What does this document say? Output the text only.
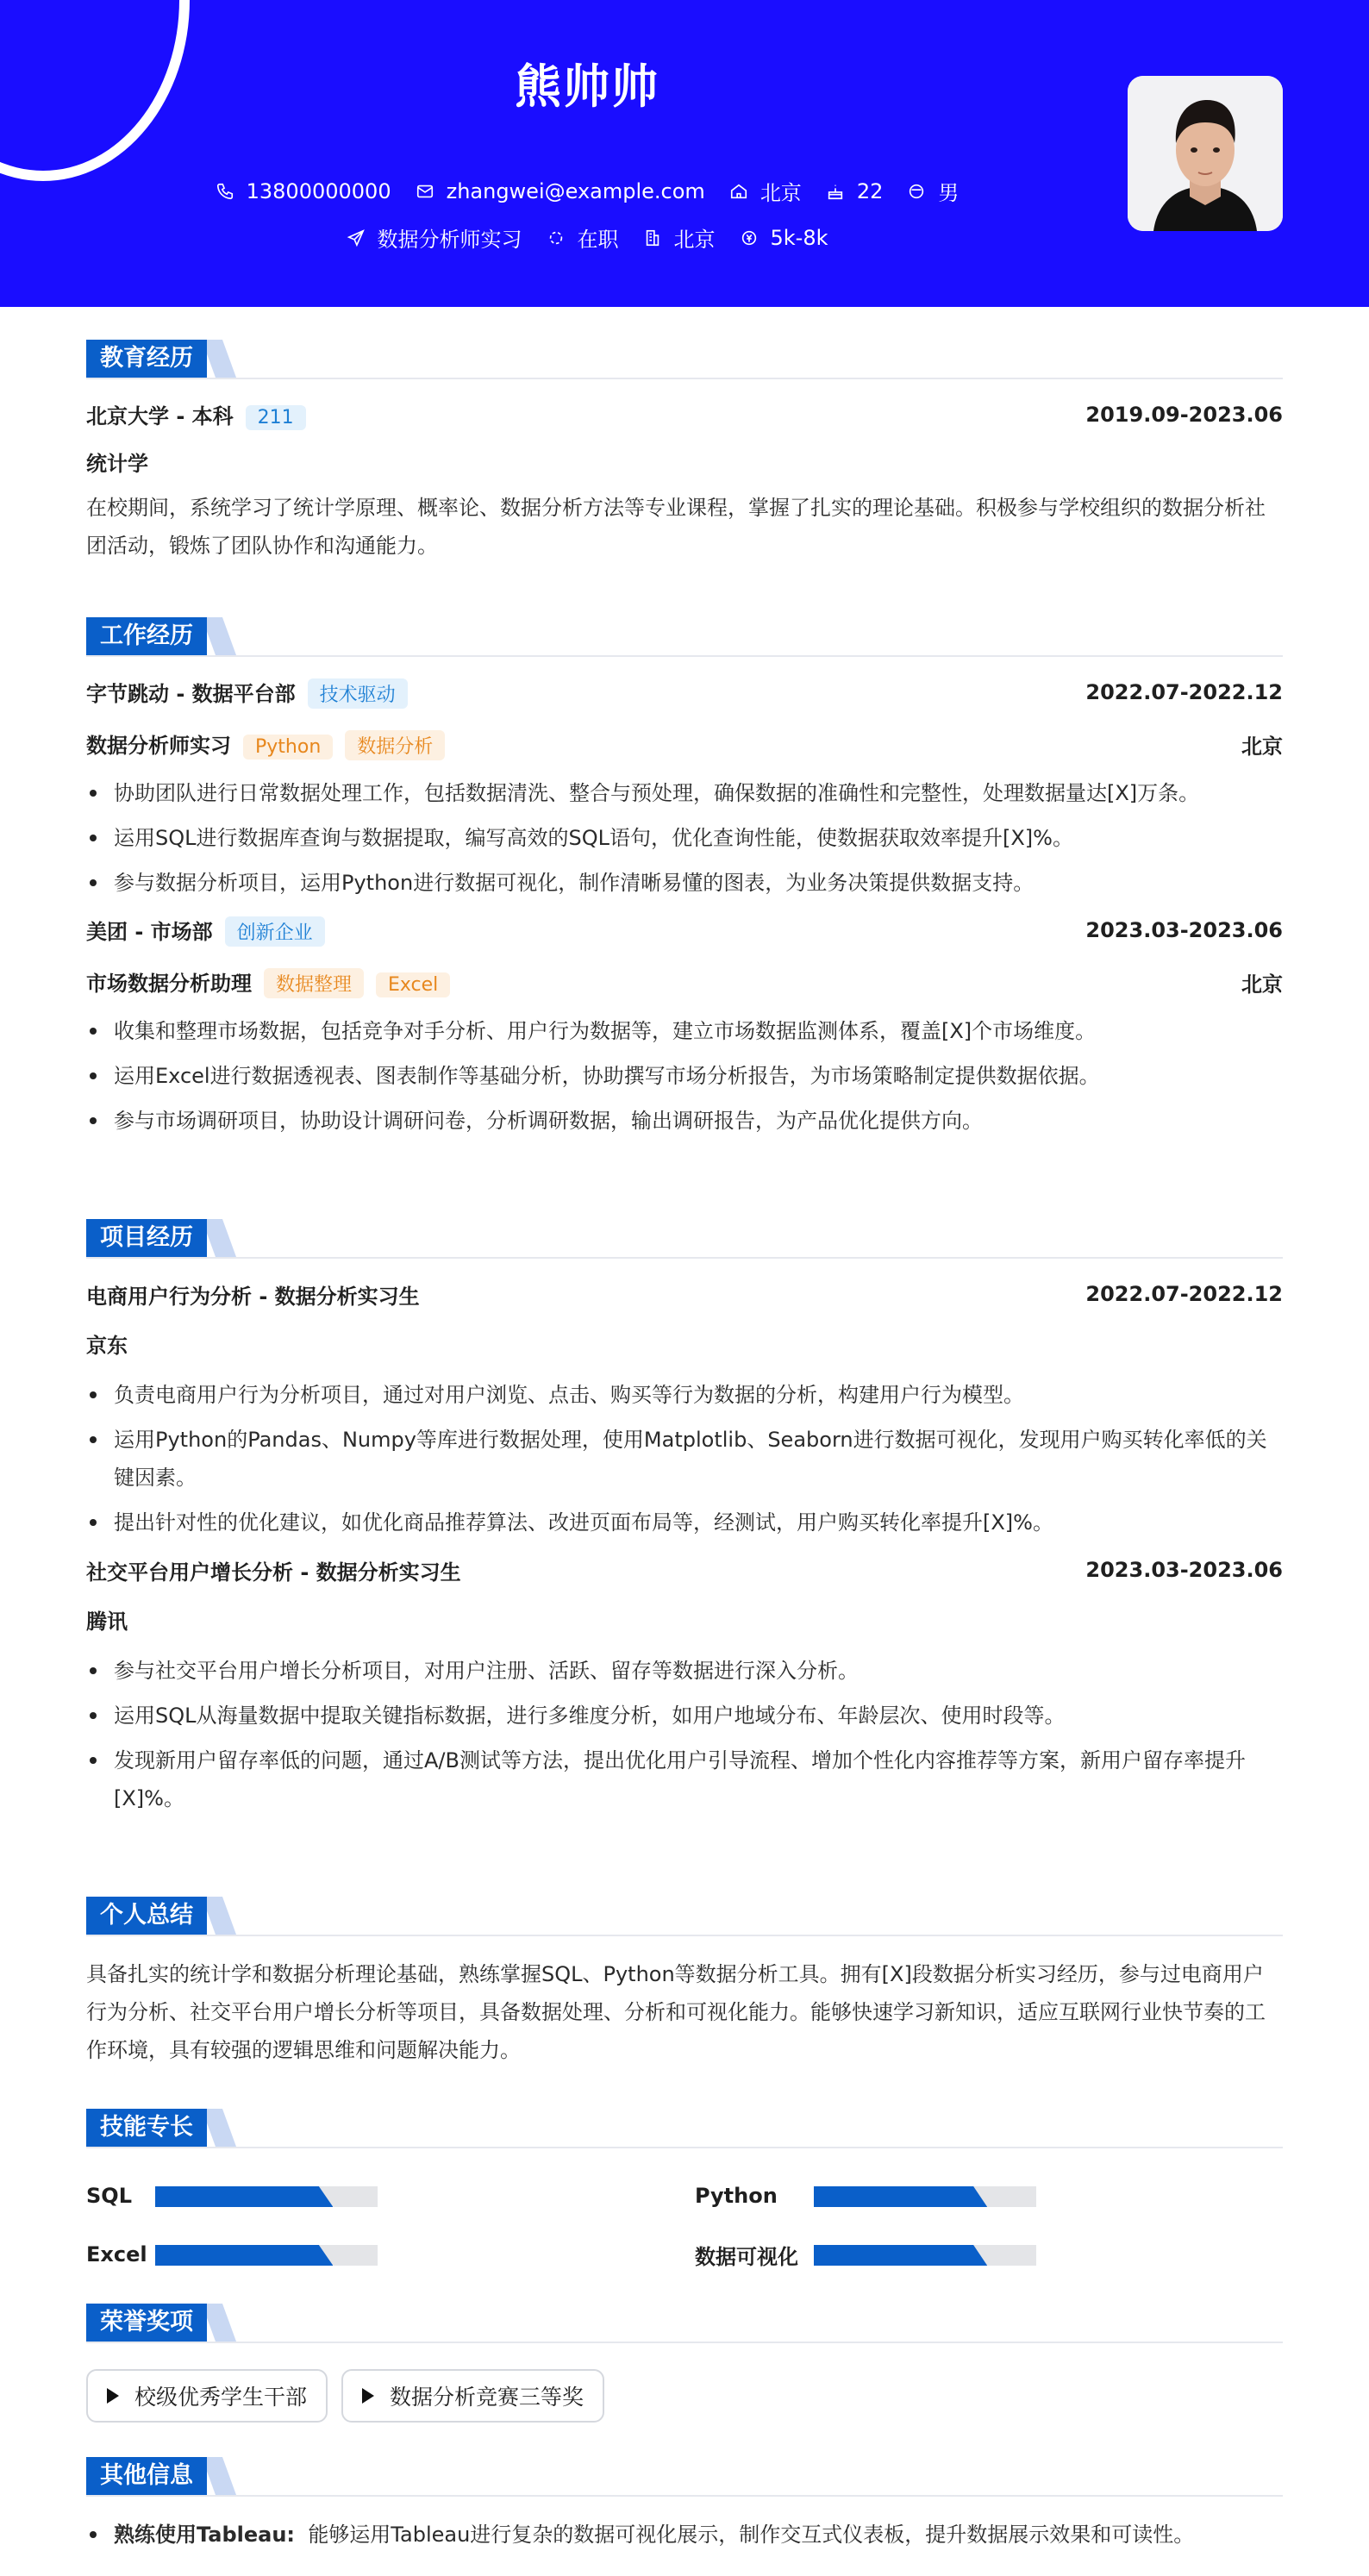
熊帅帅
13800000000	zhangwei@example.com	北京	22	男
数据分析师实习	在职	北京	5k-8k
教育经历
北京大学 - 本科 211	2019.09-2023.06
统计学
在校期间，系统学习了统计学原理、概率论、数据分析方法等专业课程，掌握了扎实的理论基础。积极参与学校组织的数据分析社团活动，锻炼了团队协作和沟通能力。
工作经历
字节跳动 - 数据平台部 技术驱动	2022.07-2022.12
数据分析师实习 Python 数据分析	北京
协助团队进行日常数据处理工作，包括数据清洗、整合与预处理，确保数据的准确性和完整性，处理数据量达[X]万条。
运用SQL进行数据库查询与数据提取，编写高效的SQL语句，优化查询性能，使数据获取效率提升[X]%。
参与数据分析项目，运用Python进行数据可视化，制作清晰易懂的图表，为业务决策提供数据支持。
美团 - 市场部 创新企业	2023.03-2023.06
市场数据分析助理 数据整理 Excel	北京
收集和整理市场数据，包括竞争对手分析、用户行为数据等，建立市场数据监测体系，覆盖[X]个市场维度。
运用Excel进行数据透视表、图表制作等基础分析，协助撰写市场分析报告，为市场策略制定提供数据依据。
参与市场调研项目，协助设计调研问卷，分析调研数据，输出调研报告，为产品优化提供方向。
项目经历
电商用户行为分析 - 数据分析实习生	2022.07-2022.12
京东
负责电商用户行为分析项目，通过对用户浏览、点击、购买等行为数据的分析，构建用户行为模型。
运用Python的Pandas、Numpy等库进行数据处理，使用Matplotlib、Seaborn进行数据可视化，发现用户购买转化率低的关键因素。
提出针对性的优化建议，如优化商品推荐算法、改进页面布局等，经测试，用户购买转化率提升[X]%。
社交平台用户增长分析 - 数据分析实习生	2023.03-2023.06
腾讯
参与社交平台用户增长分析项目，对用户注册、活跃、留存等数据进行深入分析。
运用SQL从海量数据中提取关键指标数据，进行多维度分析，如用户地域分布、年龄层次、使用时段等。
发现新用户留存率低的问题，通过A/B测试等方法，提出优化用户引导流程、增加个性化内容推荐等方案，新用户留存率提升[X]%。
个人总结
具备扎实的统计学和数据分析理论基础，熟练掌握SQL、Python等数据分析工具。拥有[X]段数据分析实习经历，参与过电商用户行为分析、社交平台用户增长分析等项目，具备数据处理、分析和可视化能力。能够快速学习新知识，适应互联网行业快节奏的工作环境，具有较强的逻辑思维和问题解决能力。
技能专长
SQL	Python
Excel	数据可视化
荣誉奖项
校级优秀学生干部	数据分析竞赛三等奖
其他信息
熟练使用Tableau: 能够运用Tableau进行复杂的数据可视化展示，制作交互式仪表板，提升数据展示效果和可读性。
